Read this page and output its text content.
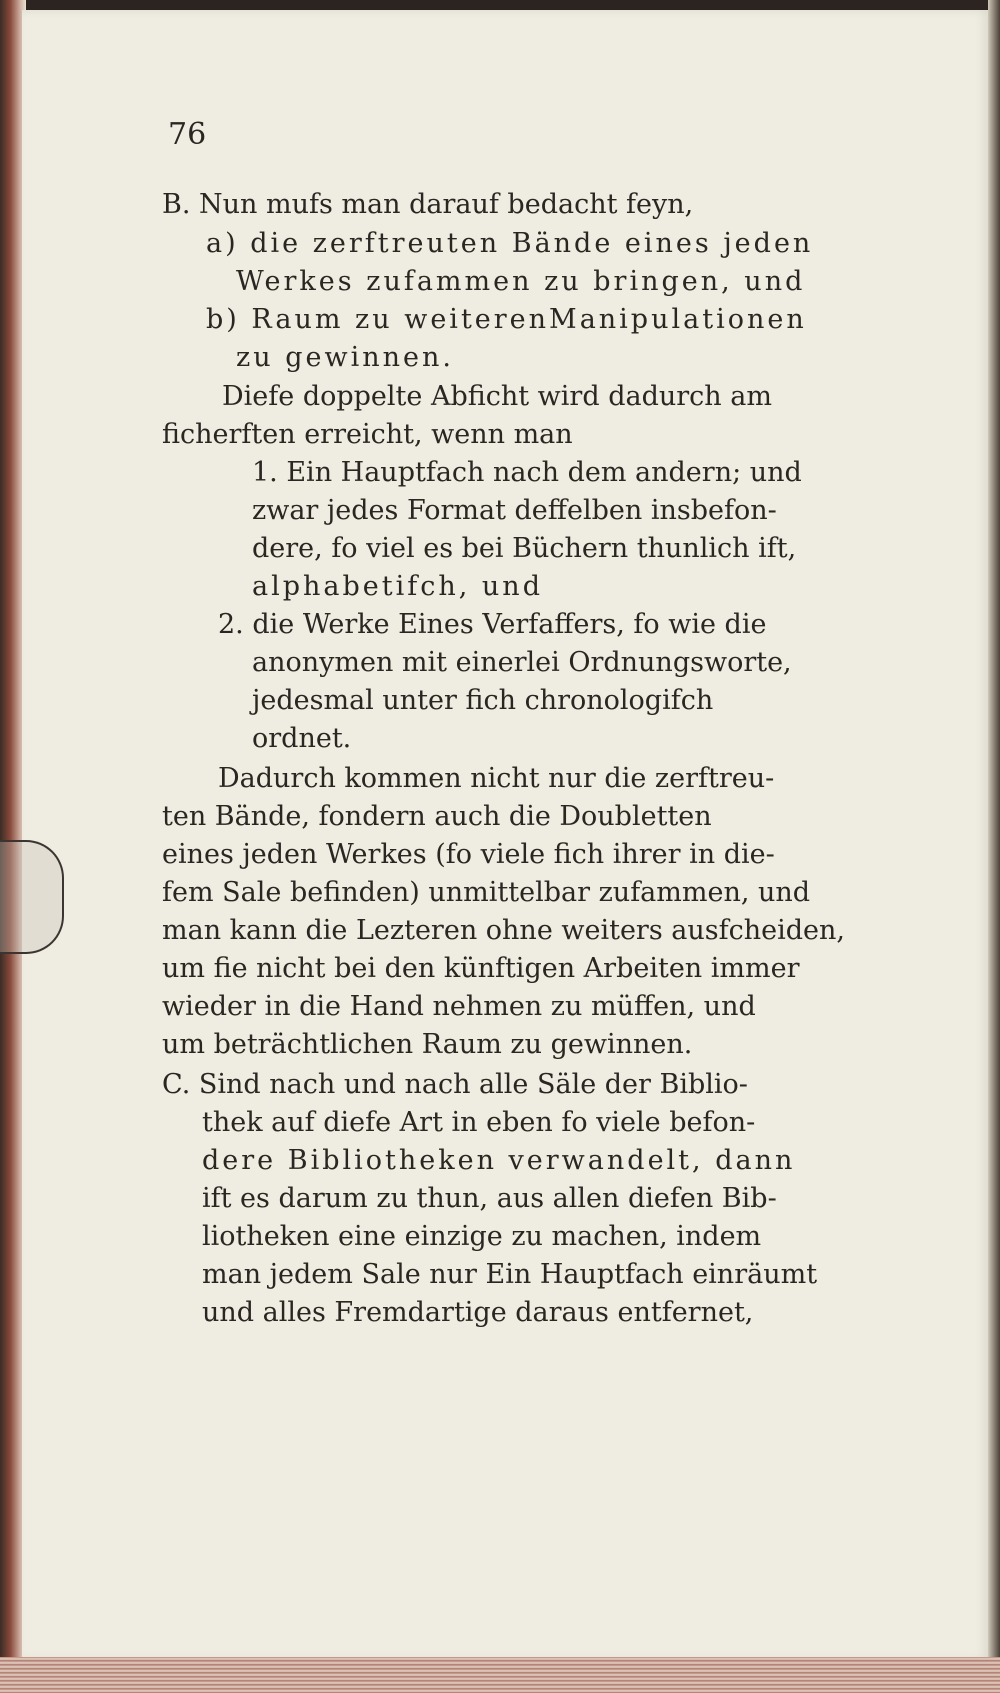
76
B. Nun mufs man darauf bedacht feyn,
a) die zerftreuten Bände eines jeden
Werkes zufammen zu bringen, und
b) Raum zu weiterenManipulationen
zu gewinnen.
Diefe doppelte Abficht wird dadurch am
ficherften erreicht, wenn man
1. Ein Hauptfach nach dem andern; und
zwar jedes Format deffelben insbefon-
dere, fo viel es bei Büchern thunlich ift,
alphabetifch, und
2. die Werke Eines Verfaffers, fo wie die
anonymen mit einerlei Ordnungsworte,
jedesmal unter fich chronologifch
ordnet.
Dadurch kommen nicht nur die zerftreu-
ten Bände, fondern auch die Doubletten
eines jeden Werkes (fo viele fich ihrer in die-
fem Sale befinden) unmittelbar zufammen, und
man kann die Lezteren ohne weiters ausfcheiden,
um fie nicht bei den künftigen Arbeiten immer
wieder in die Hand nehmen zu müffen, und
um beträchtlichen Raum zu gewinnen.
C. Sind nach und nach alle Säle der Biblio-
thek auf diefe Art in eben fo viele befon-
dere Bibliotheken verwandelt, dann
ift es darum zu thun, aus allen diefen Bib-
liotheken eine einzige zu machen, indem
man jedem Sale nur Ein Hauptfach einräumt
und alles Fremdartige daraus entfernet,
